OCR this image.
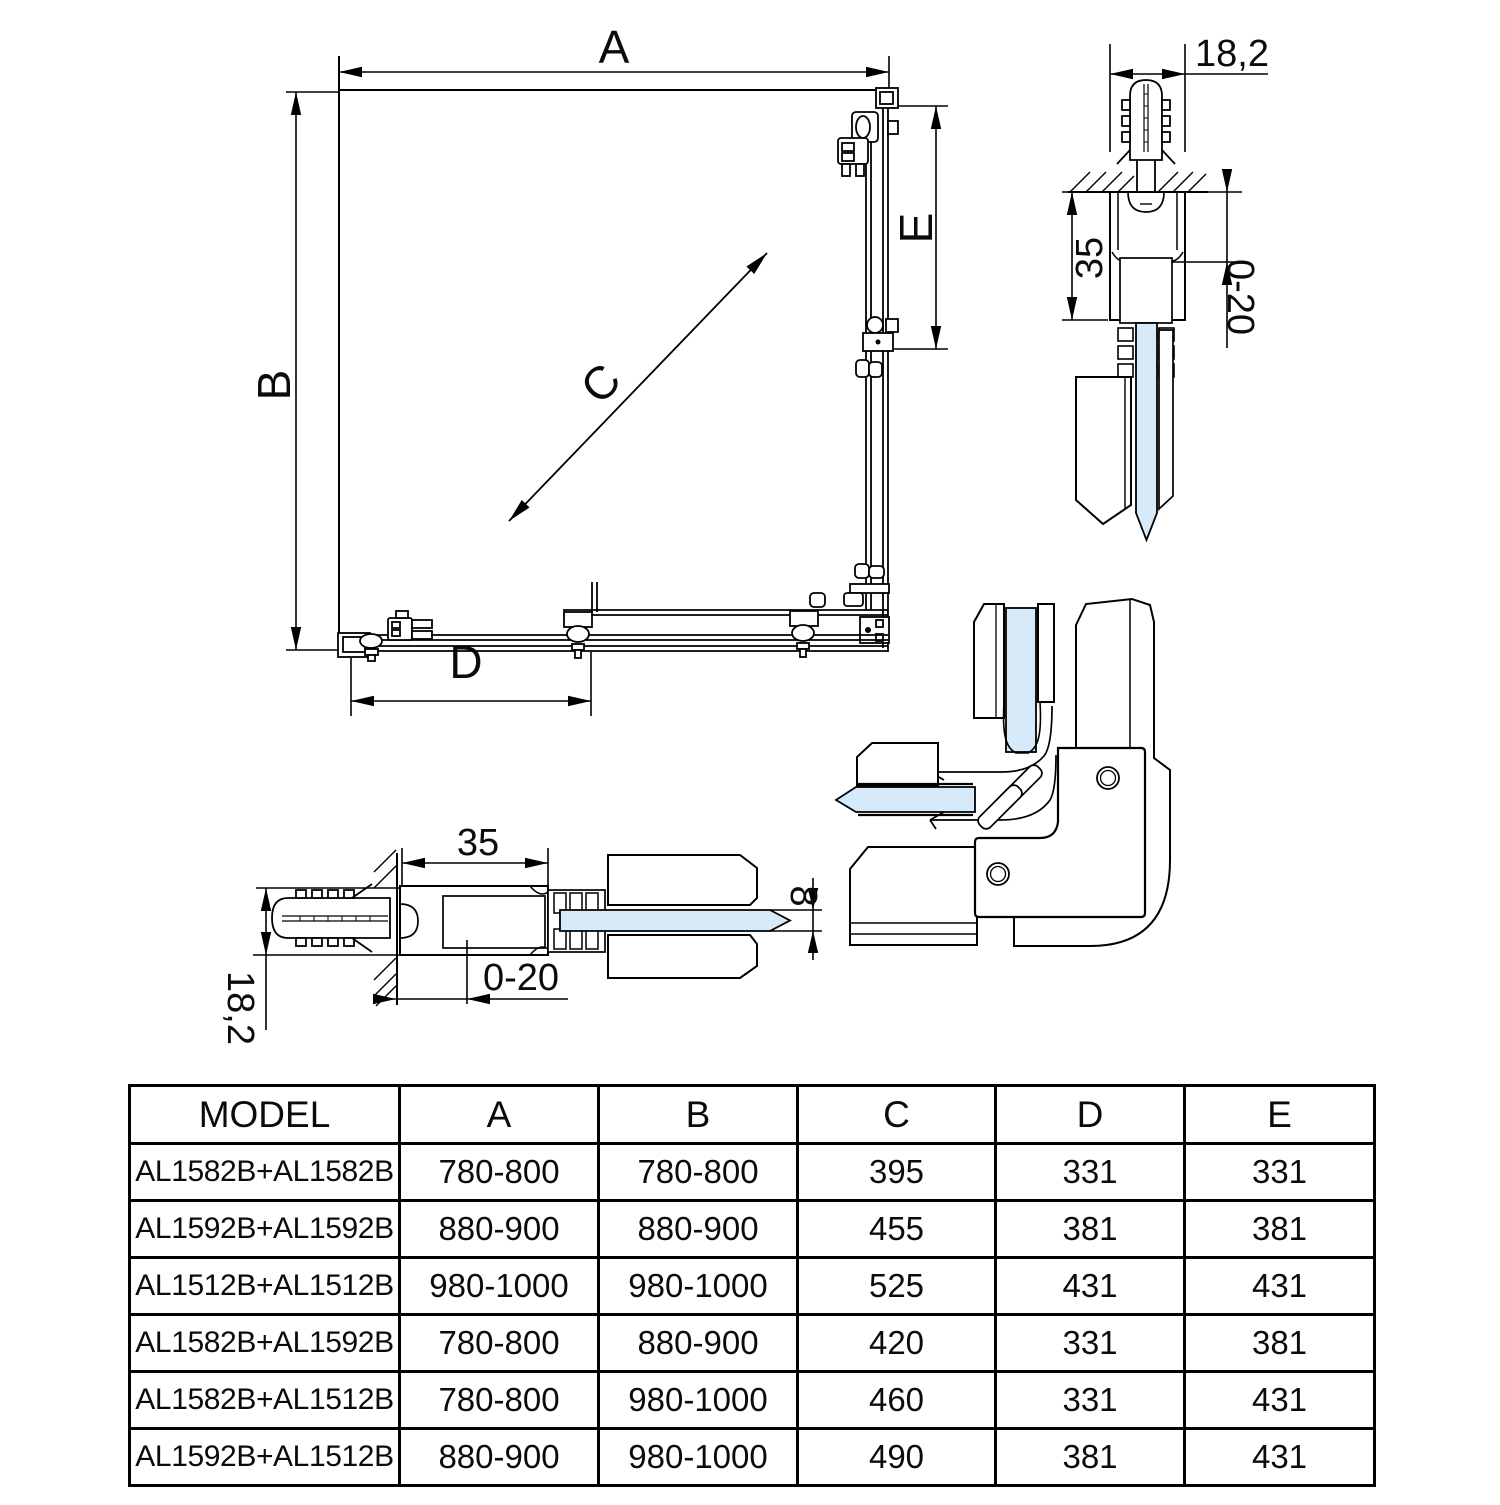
A
B
E
D
C
18,2
35
0-20
35
18,2	0-20
8
MODEL	A	B	C	D	E
AL1582B+AL1582B	780-800	780-800	395	331	331
AL1592B+AL1592B	880-900	880-900	455	381	381
AL1512B+AL1512B	980-1000	980-1000	525	431	431
AL1582B+AL1592B	780-800	880-900	420	331	381
AL1582B+AL1512B	780-800	980-1000	460	331	431
AL1592B+AL1512B	880-900	980-1000	490	381	431
